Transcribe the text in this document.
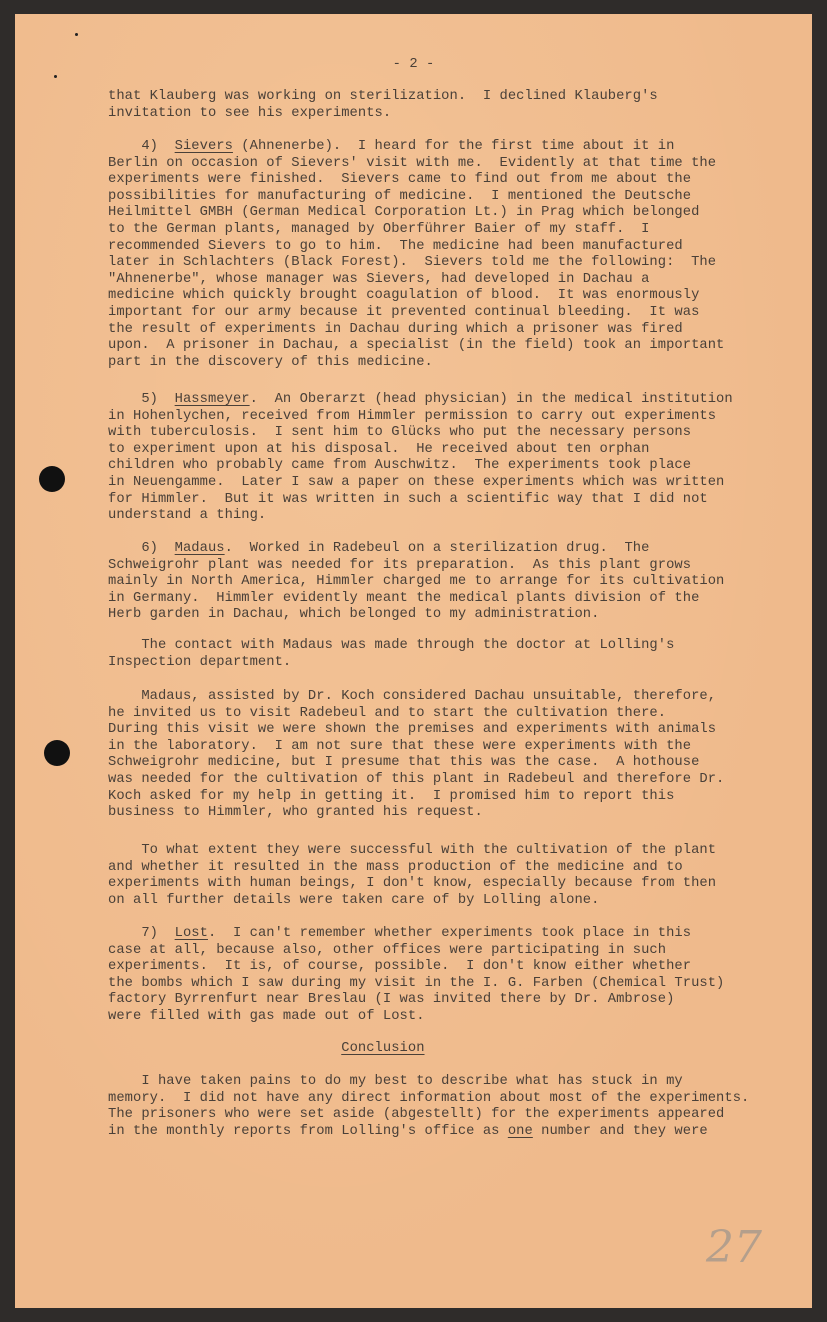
- 2 -
that Klauberg was working on sterilization.  I declined Klauberg's
invitation to see his experiments.
4)  Sievers (Ahnenerbe).  I heard for the first time about it in
Berlin on occasion of Sievers' visit with me.  Evidently at that time the
experiments were finished.  Sievers came to find out from me about the
possibilities for manufacturing of medicine.  I mentioned the Deutsche
Heilmittel GMBH (German Medical Corporation Lt.) in Prag which belonged
to the German plants, managed by Oberführer Baier of my staff.  I
recommended Sievers to go to him.  The medicine had been manufactured
later in Schlachters (Black Forest).  Sievers told me the following:  The
"Ahnenerbe", whose manager was Sievers, had developed in Dachau a
medicine which quickly brought coagulation of blood.  It was enormously
important for our army because it prevented continual bleeding.  It was
the result of experiments in Dachau during which a prisoner was fired
upon.  A prisoner in Dachau, a specialist (in the field) took an important
part in the discovery of this medicine.
5)  Hassmeyer.  An Oberarzt (head physician) in the medical institution
in Hohenlychen, received from Himmler permission to carry out experiments
with tuberculosis.  I sent him to Glücks who put the necessary persons
to experiment upon at his disposal.  He received about ten orphan
children who probably came from Auschwitz.  The experiments took place
in Neuengamme.  Later I saw a paper on these experiments which was written
for Himmler.  But it was written in such a scientific way that I did not
understand a thing.
6)  Madaus.  Worked in Radebeul on a sterilization drug.  The
Schweigrohr plant was needed for its preparation.  As this plant grows
mainly in North America, Himmler charged me to arrange for its cultivation
in Germany.  Himmler evidently meant the medical plants division of the
Herb garden in Dachau, which belonged to my administration.
The contact with Madaus was made through the doctor at Lolling's
Inspection department.
Madaus, assisted by Dr. Koch considered Dachau unsuitable, therefore,
he invited us to visit Radebeul and to start the cultivation there.
During this visit we were shown the premises and experiments with animals
in the laboratory.  I am not sure that these were experiments with the
Schweigrohr medicine, but I presume that this was the case.  A hothouse
was needed for the cultivation of this plant in Radebeul and therefore Dr.
Koch asked for my help in getting it.  I promised him to report this
business to Himmler, who granted his request.
To what extent they were successful with the cultivation of the plant
and whether it resulted in the mass production of the medicine and to
experiments with human beings, I don't know, especially because from then
on all further details were taken care of by Lolling alone.
7)  Lost.  I can't remember whether experiments took place in this
case at all, because also, other offices were participating in such
experiments.  It is, of course, possible.  I don't know either whether
the bombs which I saw during my visit in the I. G. Farben (Chemical Trust)
factory Byrrenfurt near Breslau (I was invited there by Dr. Ambrose)
were filled with gas made out of Lost.
Conclusion
I have taken pains to do my best to describe what has stuck in my
memory.  I did not have any direct information about most of the experiments.
The prisoners who were set aside (abgestellt) for the experiments appeared
in the monthly reports from Lolling's office as one number and they were
27
